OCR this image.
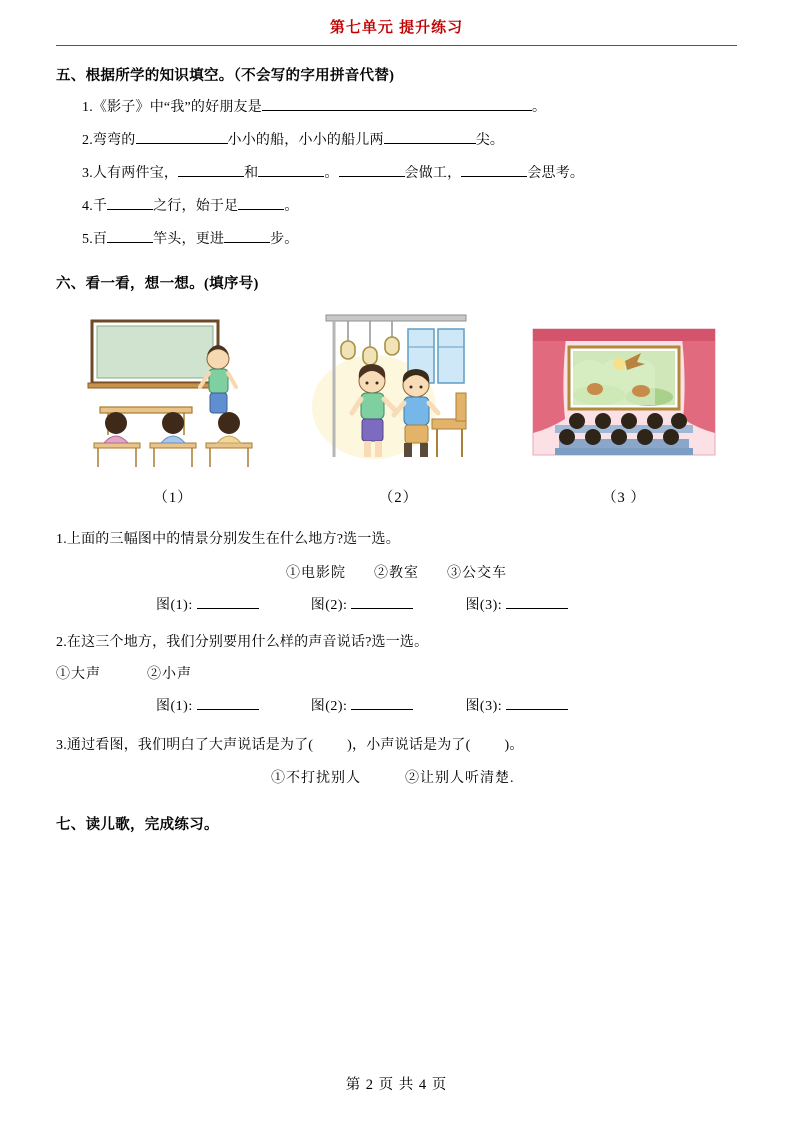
第七单元 提升练习
五、根据所学的知识填空。（不会写的字用拼音代替)
1.《影子》中“我”的好朋友是	。
2.弯弯的	小小的船，小小的船儿两	尖。
3.人有两件宝，	和	。	会做工，	会思考。
4.千	之行，始于足	。
5.百	竿头，更进	步。
六、看一看，想一想。(填序号)
（1）	（2）	（3 ）
1.上面的三幅图中的情景分别发生在什么地方?选一选。
①电影院 ②教室 ③公交车
图(1):	图(2):	图(3):
2.在这三个地方，我们分别要用什么样的声音说话?选一选。
①大声	②小声
图(1):	图(2):	图(3):
3.通过看图，我们明白了大声说话是为了( )，小声说话是为了( )。
①不打扰别人	②让别人听清楚.
七、读儿歌，完成练习。
第 2 页 共 4 页
